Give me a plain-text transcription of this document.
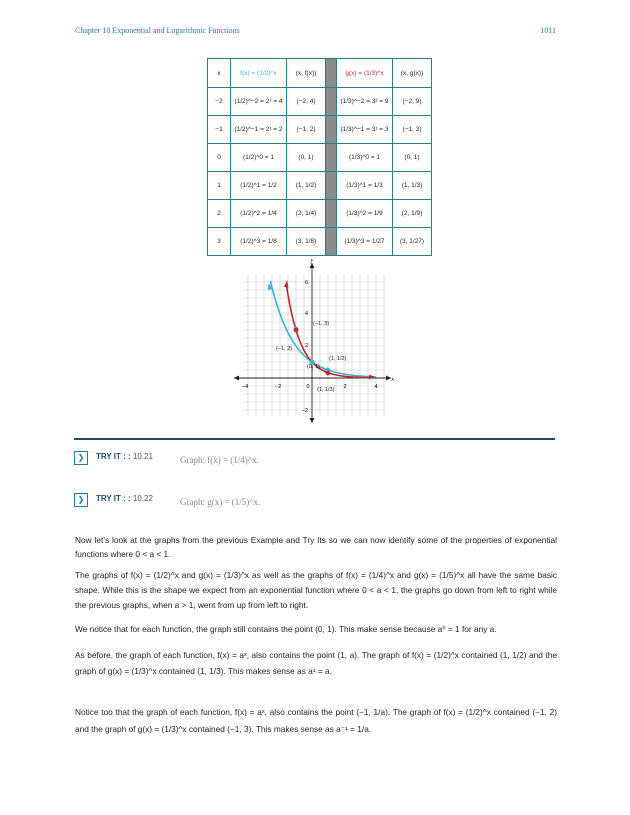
Chapter 10 Exponential and Logarithmic Functions	1011
x	f(x) = (1/2)^x	(x, f(x))		g(x) = (1/3)^x	(x, g(x))
−2	(1/2)^−2 = 2² = 4	(−2, 4)		(1/3)^−2 = 3² = 9	(−2, 9)
−1	(1/2)^−1 = 2¹ = 2	(−1, 2)		(1/3)^−1 = 3¹ = 3	(−1, 3)
0	(1/2)^0 = 1	(0, 1)		(1/3)^0 = 1	(0, 1)
1	(1/2)^1 = 1/2	(1, 1/2)		(1/3)^1 = 1/3	(1, 1/3)
2	(1/2)^2 = 1/4	(2, 1/4)		(1/3)^2 = 1/9	(2, 1/9)
3	(1/2)^3 = 1/8	(3, 1/8)		(1/3)^3 = 1/27	(3, 1/27)
x
y
−4	−2	0	2	4
6
4
2
−2
(−1, 3)
(−1, 2)
(0, 1)
(1, 1/2)
(1, 1/3)
❯	TRY IT : : 10.21	Graph: f(x) = (1/4)^x.
❯	TRY IT : : 10.22	Graph: g(x) = (1/5)^x.
Now let’s look at the graphs from the previous Example and Try Its so we can now identify some of the properties of exponential functions where 0 < a < 1.
The graphs of f(x) = (1/2)^x and g(x) = (1/3)^x as well as the graphs of f(x) = (1/4)^x and g(x) = (1/5)^x all have the same basic shape. While this is the shape we expect from an exponential function where 0 < a < 1, the graphs go down from left to right while the previous graphs, when a > 1, went from up from left to right.
We notice that for each function, the graph still contains the point (0, 1). This make sense because a⁰ = 1 for any a.
As before, the graph of each function, f(x) = aˣ, also contains the point (1, a). The graph of f(x) = (1/2)^x contained (1, 1/2) and the graph of g(x) = (1/3)^x contained (1, 1/3). This makes sense as a¹ = a.
Notice too that the graph of each function, f(x) = aˣ, also contains the point (−1, 1/a). The graph of f(x) = (1/2)^x contained (−1, 2) and the graph of g(x) = (1/3)^x contained (−1, 3). This makes sense as a⁻¹ = 1/a.
